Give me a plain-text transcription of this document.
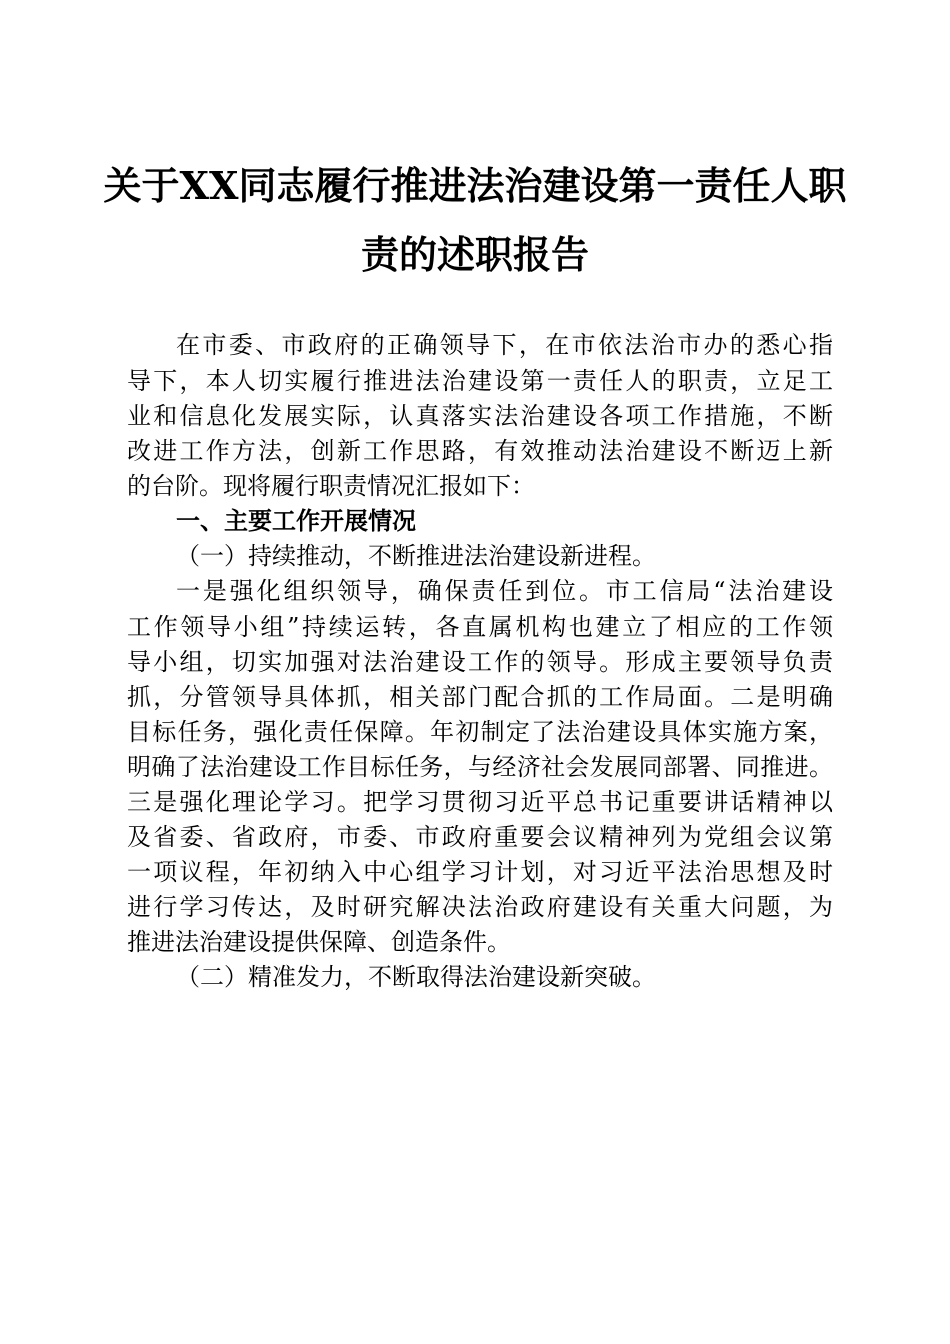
关于XX同志履行推进法治建设第一责任人职
责的述职报告
在市委、市政府的正确领导下，在市依法治市办的悉心指
导下，本人切实履行推进法治建设第一责任人的职责，立足工
业和信息化发展实际，认真落实法治建设各项工作措施，不断
改进工作方法，创新工作思路，有效推动法治建设不断迈上新
的台阶。现将履行职责情况汇报如下：
一、主要工作开展情况
（一）持续推动，不断推进法治建设新进程。
一是强化组织领导，确保责任到位。市工信局“法治建设
工作领导小组”持续运转，各直属机构也建立了相应的工作领
导小组，切实加强对法治建设工作的领导。形成主要领导负责
抓，分管领导具体抓，相关部门配合抓的工作局面。二是明确
目标任务，强化责任保障。年初制定了法治建设具体实施方案，
明确了法治建设工作目标任务，与经济社会发展同部署、同推进。
三是强化理论学习。把学习贯彻习近平总书记重要讲话精神以
及省委、省政府，市委、市政府重要会议精神列为党组会议第
一项议程，年初纳入中心组学习计划，对习近平法治思想及时
进行学习传达，及时研究解决法治政府建设有关重大问题，为
推进法治建设提供保障、创造条件。
（二）精准发力，不断取得法治建设新突破。
